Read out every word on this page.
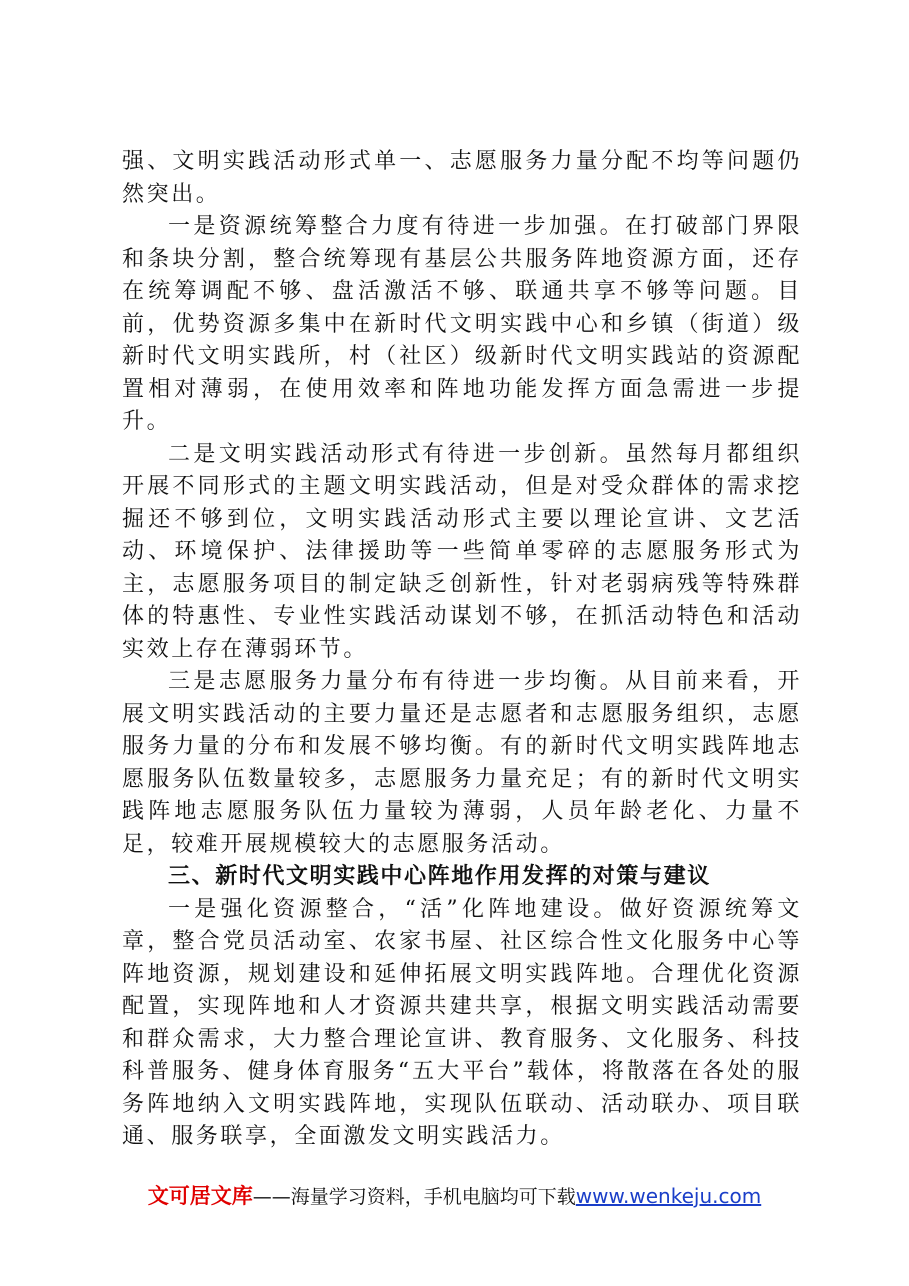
强、文明实践活动形式单一、志愿服务力量分配不均等问题仍然突出。

一是资源统筹整合力度有待进一步加强。在打破部门界限和条块分割，整合统筹现有基层公共服务阵地资源方面，还存在统筹调配不够、盘活激活不够、联通共享不够等问题。目前，优势资源多集中在新时代文明实践中心和乡镇（街道）级新时代文明实践所，村（社区）级新时代文明实践站的资源配置相对薄弱，在使用效率和阵地功能发挥方面急需进一步提升。

二是文明实践活动形式有待进一步创新。虽然每月都组织开展不同形式的主题文明实践活动，但是对受众群体的需求挖掘还不够到位，文明实践活动形式主要以理论宣讲、文艺活动、环境保护、法律援助等一些简单零碎的志愿服务形式为主，志愿服务项目的制定缺乏创新性，针对老弱病残等特殊群体的特惠性、专业性实践活动谋划不够，在抓活动特色和活动实效上存在薄弱环节。

三是志愿服务力量分布有待进一步均衡。从目前来看，开展文明实践活动的主要力量还是志愿者和志愿服务组织，志愿服务力量的分布和发展不够均衡。有的新时代文明实践阵地志愿服务队伍数量较多，志愿服务力量充足；有的新时代文明实践阵地志愿服务队伍力量较为薄弱，人员年龄老化、力量不足，较难开展规模较大的志愿服务活动。

三、新时代文明实践中心阵地作用发挥的对策与建议

一是强化资源整合，“活”化阵地建设。做好资源统筹文章，整合党员活动室、农家书屋、社区综合性文化服务中心等阵地资源，规划建设和延伸拓展文明实践阵地。合理优化资源配置，实现阵地和人才资源共建共享，根据文明实践活动需要和群众需求，大力整合理论宣讲、教育服务、文化服务、科技科普服务、健身体育服务“五大平台”载体，将散落在各处的服务阵地纳入文明实践阵地，实现队伍联动、活动联办、项目联通、服务联享，全面激发文明实践活力。

文可居文库——海量学习资料，手机电脑均可下载www.wenkeju.com
